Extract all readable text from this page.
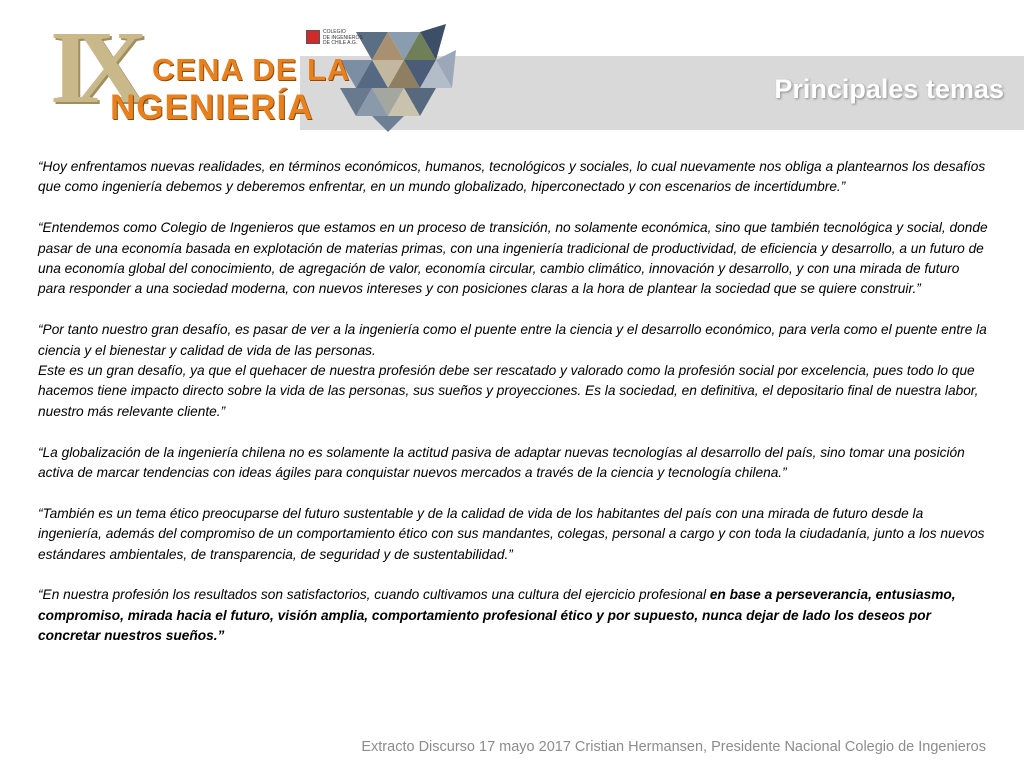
IX CENA DE LA
NGENIERÍA
COLEGIO
DE INGENIEROS
DE CHILE A.G.
Principales temas

“Hoy enfrentamos nuevas realidades, en términos económicos, humanos, tecnológicos y sociales, lo cual nuevamente nos obliga a plantearnos los desafíos que como ingeniería debemos y deberemos enfrentar, en un mundo globalizado, hiperconectado y con escenarios de incertidumbre.”

“Entendemos como Colegio de Ingenieros que estamos en un proceso de transición, no solamente económica, sino que también tecnológica y social, donde pasar de una economía basada en explotación de materias primas, con una ingeniería tradicional de productividad, de eficiencia y desarrollo, a un futuro de una economía global del conocimiento, de agregación de valor, economía circular, cambio climático, innovación y desarrollo, y con una mirada de futuro para responder a una sociedad moderna, con nuevos intereses y con posiciones claras a la hora de plantear la sociedad que se quiere construir.”

“Por tanto nuestro gran desafío, es pasar de ver a la ingeniería como el puente entre la ciencia y el desarrollo económico, para verla como el puente entre la ciencia y el bienestar y calidad de vida de las personas.

Este es un gran desafío, ya que el quehacer de nuestra profesión debe ser rescatado y valorado como la profesión social por excelencia, pues todo lo que hacemos tiene impacto directo sobre la vida de las personas, sus sueños y proyecciones. Es la sociedad, en definitiva, el depositario final de nuestra labor, nuestro más relevante cliente.”

“La globalización de la ingeniería chilena no es solamente la actitud pasiva de adaptar nuevas tecnologías al desarrollo del país, sino tomar una posición activa de marcar tendencias con ideas ágiles para conquistar nuevos mercados a través de la ciencia y tecnología chilena.”

“También es un tema ético preocuparse del futuro sustentable y de la calidad de vida de los habitantes del país con una mirada de futuro desde la ingeniería, además del compromiso de un comportamiento ético con sus mandantes, colegas, personal a cargo y con toda la ciudadanía, junto a los nuevos estándares ambientales, de transparencia, de seguridad y de sustentabilidad.”

“En nuestra profesión los resultados son satisfactorios, cuando cultivamos una cultura del ejercicio profesional en base a perseverancia, entusiasmo, compromiso, mirada hacia el futuro, visión amplia, comportamiento profesional ético y por supuesto, nunca dejar de lado los deseos por concretar nuestros sueños.”

Extracto Discurso 17 mayo 2017 Cristian Hermansen, Presidente Nacional Colegio de Ingenieros
